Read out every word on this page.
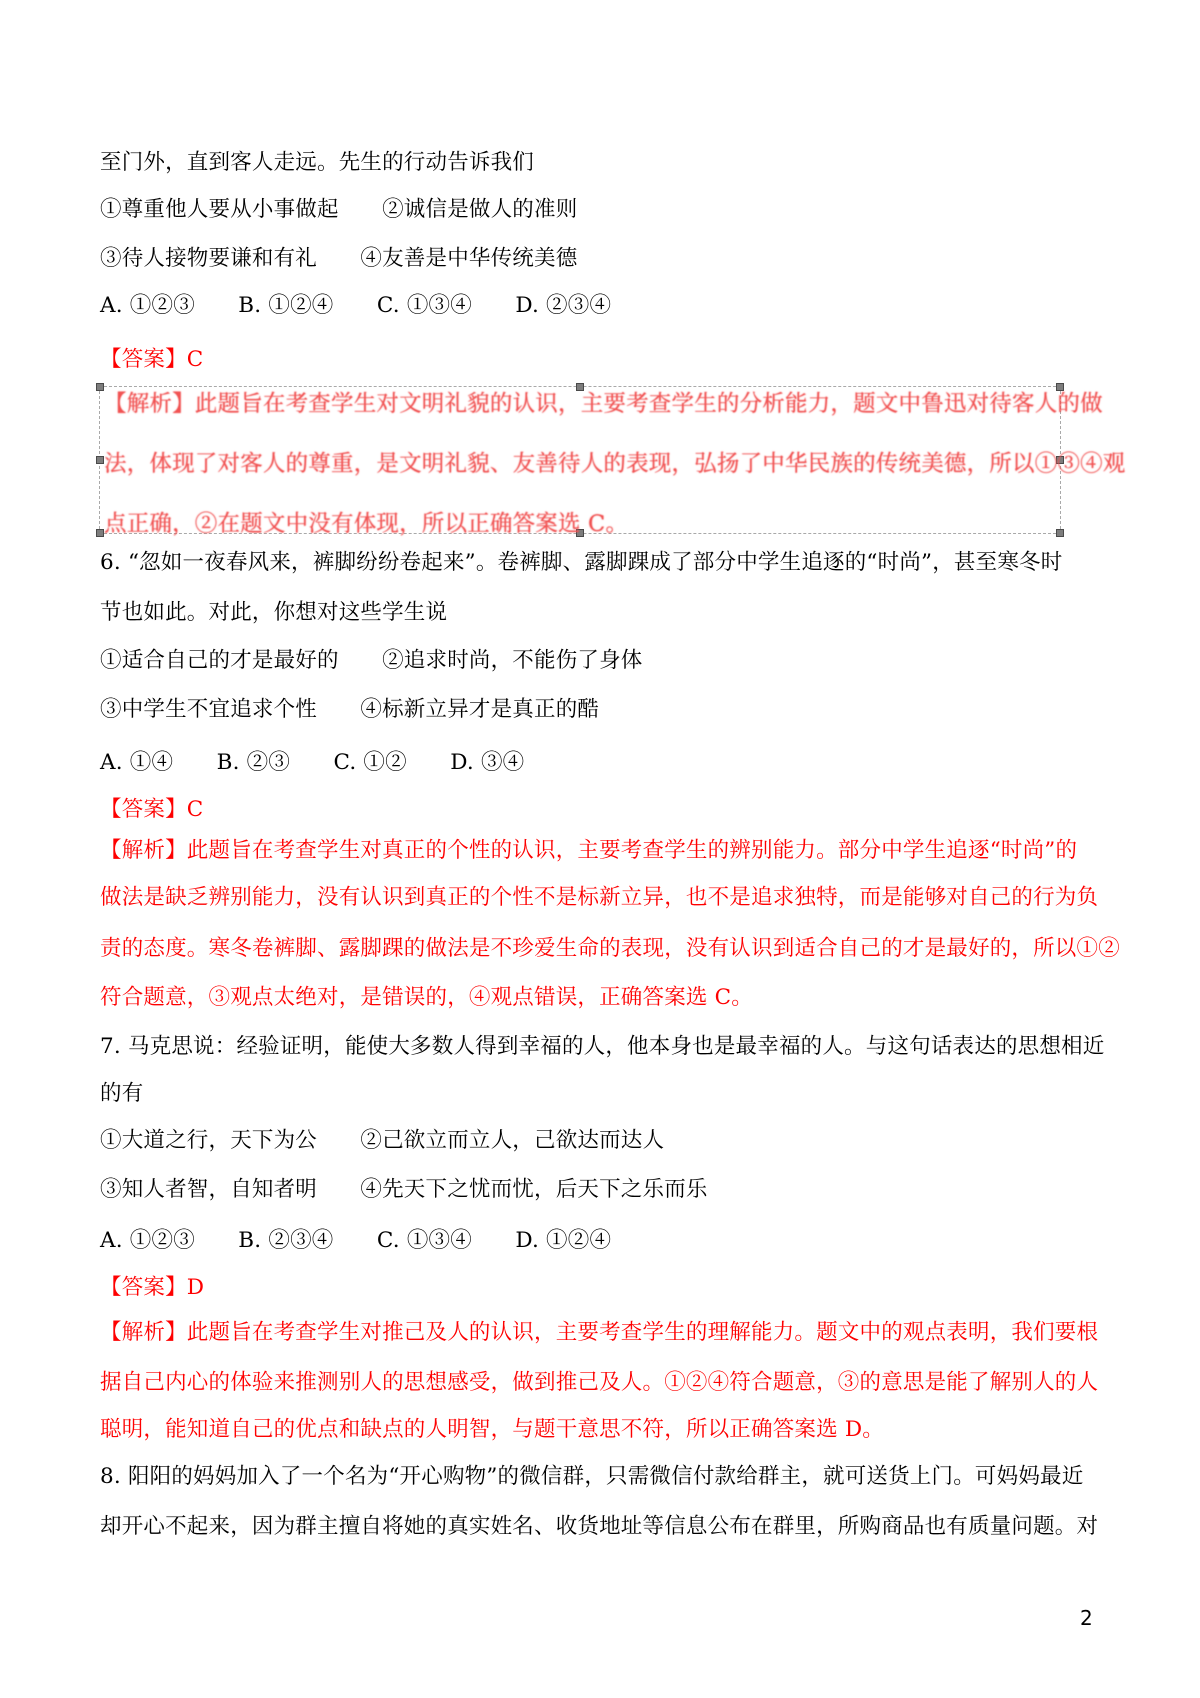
至门外，直到客人走远。先生的行动告诉我们
①尊重他人要从小事做起　　②诚信是做人的准则
③待人接物要谦和有礼　　④友善是中华传统美德
A. ①②③　　B. ①②④　　C. ①③④　　D. ②③④
【答案】C
6. “忽如一夜春风来，裤脚纷纷卷起来”。卷裤脚、露脚踝成了部分中学生追逐的“时尚”，甚至寒冬时
节也如此。对此，你想对这些学生说
①适合自己的才是最好的　　②追求时尚，不能伤了身体
③中学生不宜追求个性　　④标新立异才是真正的酷
A. ①④　　B. ②③　　C. ①②　　D. ③④
【答案】C
【解析】此题旨在考查学生对真正的个性的认识，主要考查学生的辨别能力。部分中学生追逐“时尚”的
做法是缺乏辨别能力，没有认识到真正的个性不是标新立异，也不是追求独特，而是能够对自己的行为负
责的态度。寒冬卷裤脚、露脚踝的做法是不珍爱生命的表现，没有认识到适合自己的才是最好的，所以①②
符合题意，③观点太绝对，是错误的，④观点错误，正确答案选 C。
7. 马克思说：经验证明，能使大多数人得到幸福的人，他本身也是最幸福的人。与这句话表达的思想相近
的有
①大道之行，天下为公　　②己欲立而立人，己欲达而达人
③知人者智，自知者明　　④先天下之忧而忧，后天下之乐而乐
A. ①②③　　B. ②③④　　C. ①③④　　D. ①②④
【答案】D
【解析】此题旨在考查学生对推己及人的认识，主要考查学生的理解能力。题文中的观点表明，我们要根
据自己内心的体验来推测别人的思想感受，做到推己及人。①②④符合题意，③的意思是能了解别人的人
聪明，能知道自己的优点和缺点的人明智，与题干意思不符，所以正确答案选 D。
8. 阳阳的妈妈加入了一个名为“开心购物”的微信群，只需微信付款给群主，就可送货上门。可妈妈最近
却开心不起来，因为群主擅自将她的真实姓名、收货地址等信息公布在群里，所购商品也有质量问题。对
【解析】此题旨在考查学生对文明礼貌的认识，主要考查学生的分析能力，题文中鲁迅对待客人的做
法，体现了对客人的尊重，是文明礼貌、友善待人的表现，弘扬了中华民族的传统美德，所以①③④观
点正确，②在题文中没有体现，所以正确答案选 C。
2
